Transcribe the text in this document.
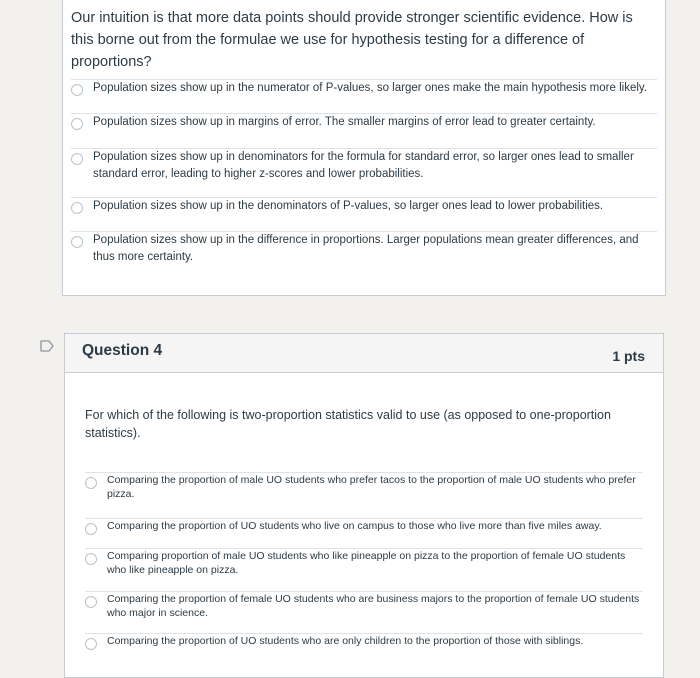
Our intuition is that more data points should provide stronger scientific evidence. How is this borne out from the formulae we use for hypothesis testing for a difference of proportions?
Population sizes show up in the numerator of P-values, so larger ones make the main hypothesis more likely.
Population sizes show up in margins of error. The smaller margins of error lead to greater certainty.
Population sizes show up in denominators for the formula for standard error, so larger ones lead to smaller standard error, leading to higher z-scores and lower probabilities.
Population sizes show up in the denominators of P-values, so larger ones lead to lower probabilities.
Population sizes show up in the difference in proportions. Larger populations mean greater differences, and thus more certainty.
Question 4	1 pts
For which of the following is two-proportion statistics valid to use (as opposed to one-proportion statistics).
Comparing the proportion of male UO students who prefer tacos to the proportion of male UO students who prefer pizza.
Comparing the proportion of UO students who live on campus to those who live more than five miles away.
Comparing proportion of male UO students who like pineapple on pizza to the proportion of female UO students who like pineapple on pizza.
Comparing the proportion of female UO students who are business majors to the proportion of female UO students who major in science.
Comparing the proportion of UO students who are only children to the proportion of those with siblings.
